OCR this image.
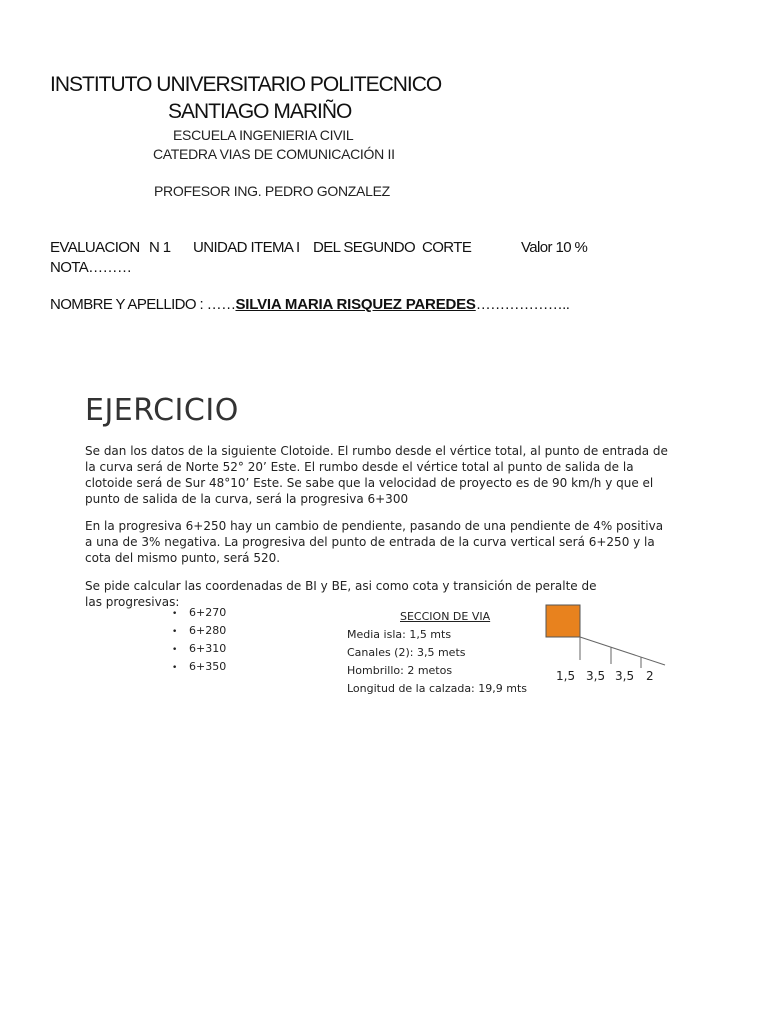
INSTITUTO UNIVERSITARIO POLITECNICO
SANTIAGO MARIÑO
ESCUELA INGENIERIA CIVIL
CATEDRA VIAS DE COMUNICACIÓN II
PROFESOR ING. PEDRO GONZALEZ
EVALUACION N 1 UNIDAD I TEMA I DEL SEGUNDO CORTE	Valor 10 %
NOTA………
NOMBRE Y APELLIDO : ……SILVIA MARIA RISQUEZ PAREDES………………..
EJERCICIO
Se dan los datos de la siguiente Clotoide. El rumbo desde el vértice total, al punto de entrada de la curva será de Norte 52° 20’ Este. El rumbo desde el vértice total al punto de salida de la clotoide será de Sur 48°10’ Este. Se sabe que la velocidad de proyecto es de 90 km/h y que el punto de salida de la curva, será la progresiva 6+300
En la progresiva 6+250 hay un cambio de pendiente, pasando de una pendiente de 4% positiva a una de 3% negativa. La progresiva del punto de entrada de la curva vertical será 6+250 y la cota del mismo punto, será 520.
Se pide calcular las coordenadas de BI y BE, asi como cota y transición de peralte de las progresivas:
• 6+270
• 6+280
• 6+310
• 6+350
SECCION DE VIA
Media isla: 1,5 mts
Canales (2): 3,5 mets
Hombrillo: 2 metos
Longitud de la calzada: 19,9 mts
1,5 3,5 3,5 2
